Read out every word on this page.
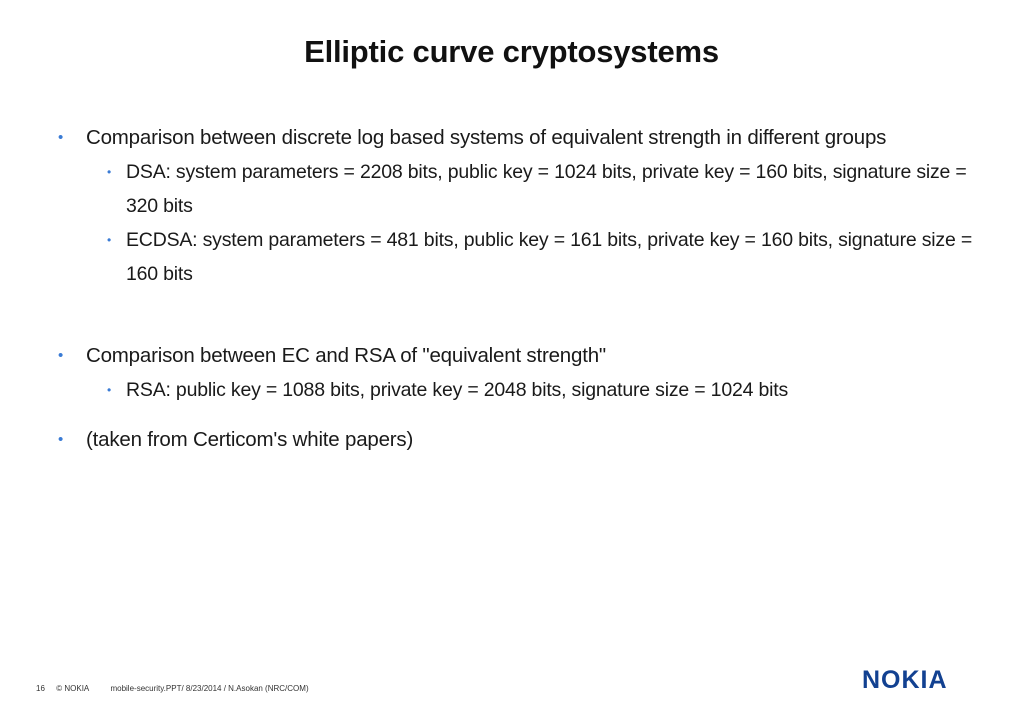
Elliptic curve cryptosystems
• Comparison between discrete log based systems of equivalent strength in different groups
• DSA: system parameters = 2208 bits, public key = 1024 bits, private key = 160 bits, signature size = 320 bits
• ECDSA: system parameters = 481 bits, public key = 161 bits, private key = 160 bits, signature size = 160 bits
• Comparison between EC and RSA of "equivalent strength"
• RSA: public key = 1088 bits, private key = 2048 bits, signature size = 1024 bits
• (taken from Certicom's white papers)
16 © NOKIA	mobile-security.PPT/ 8/23/2014 / N.Asokan (NRC/COM)	NOKIA
